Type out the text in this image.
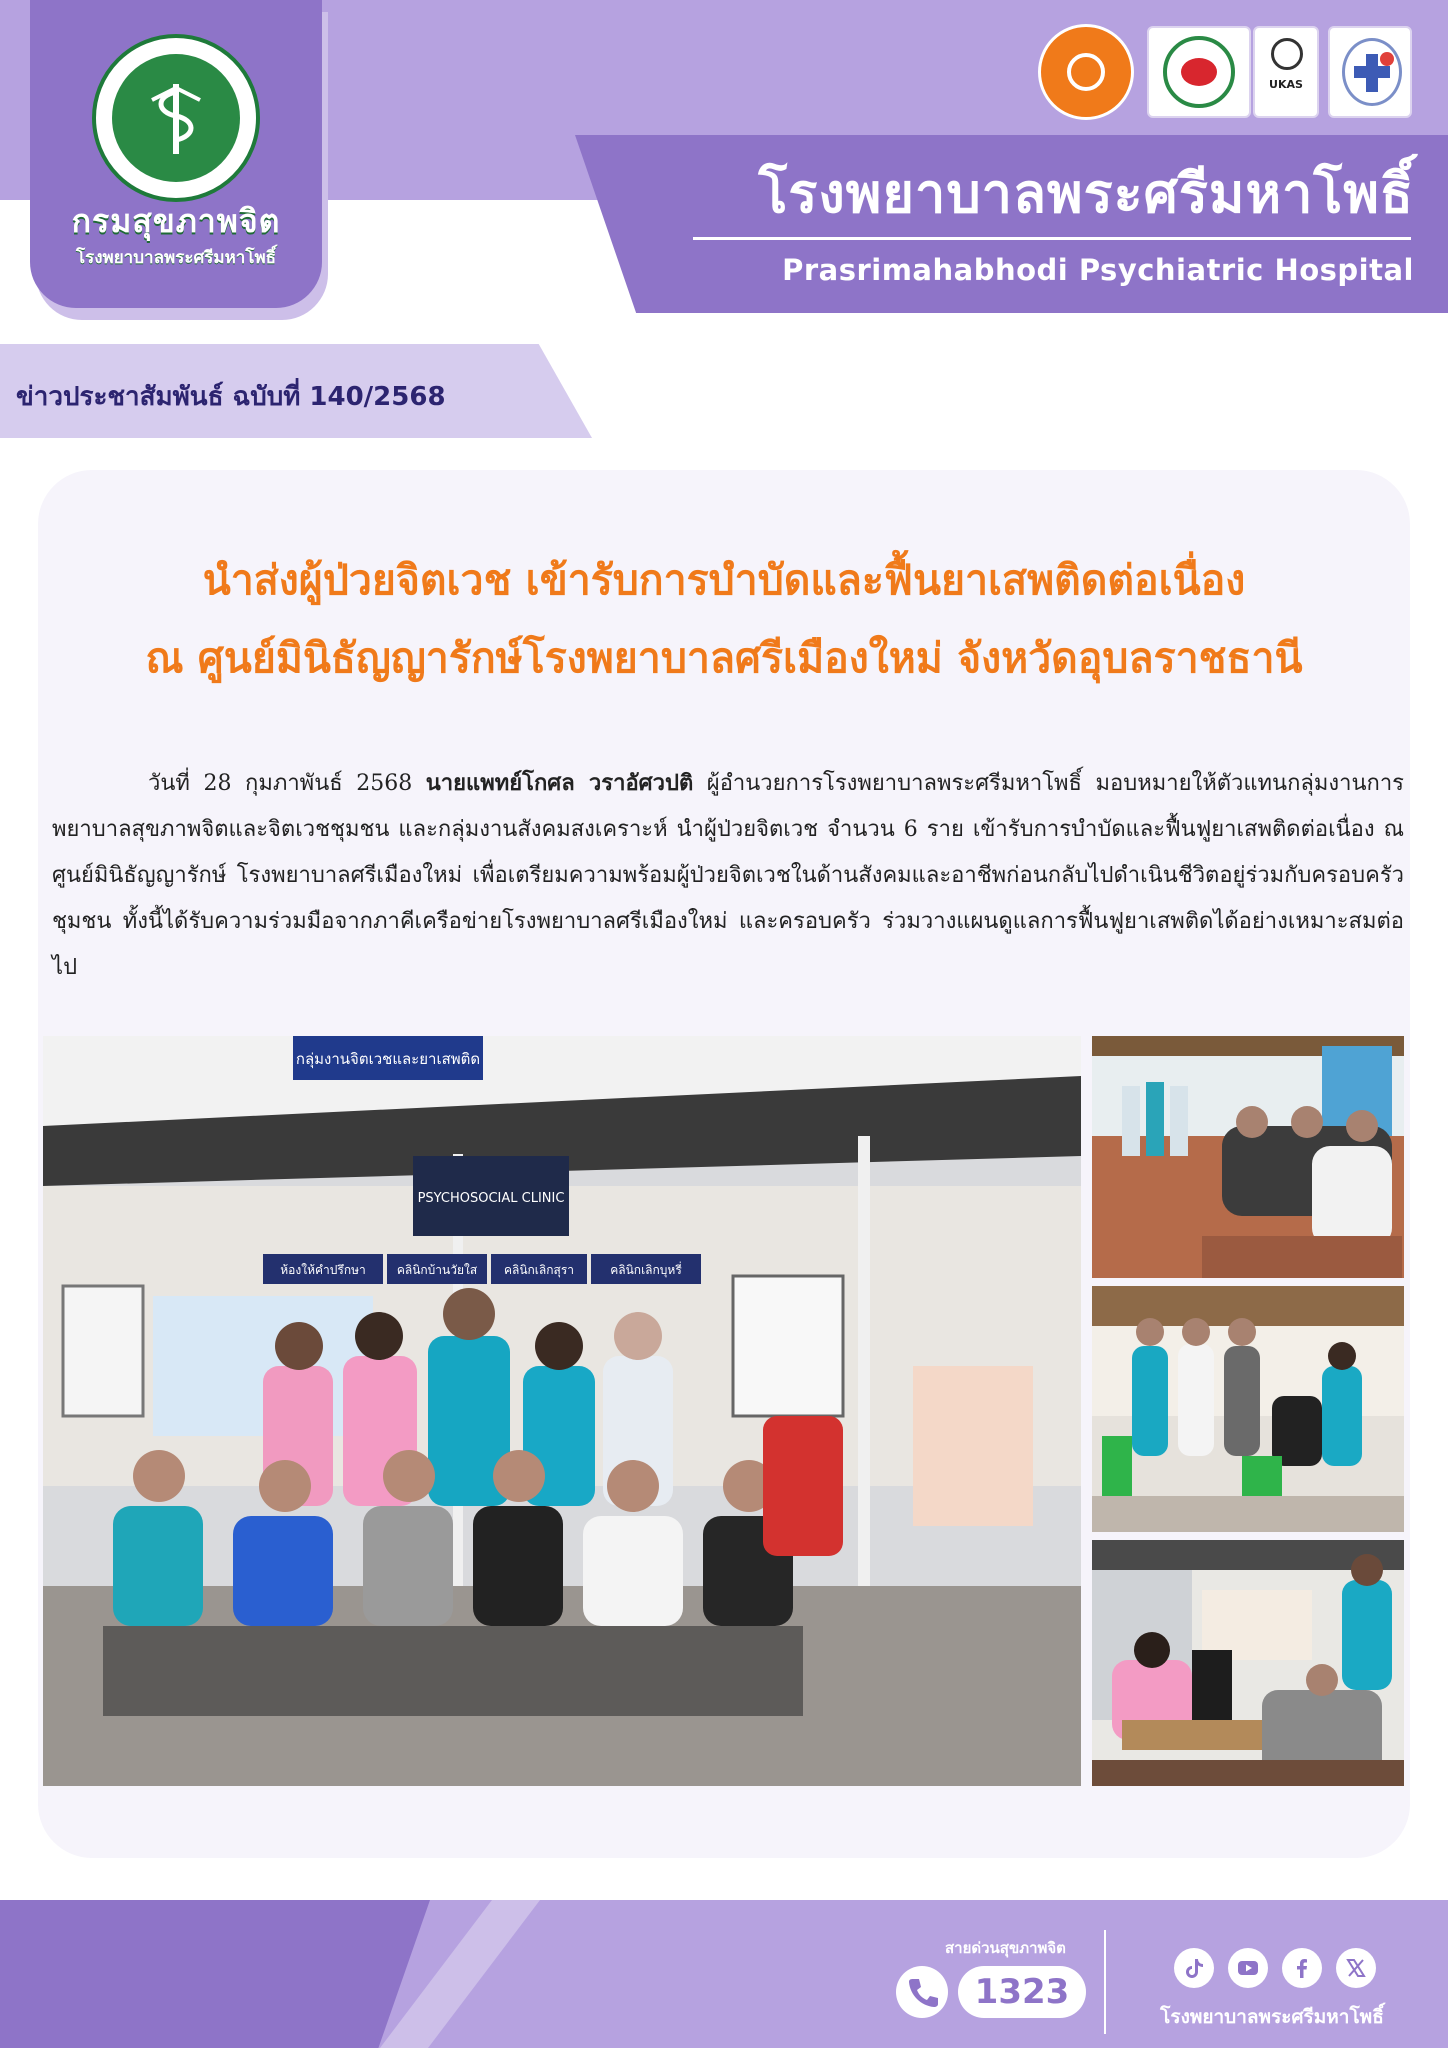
โรงพยาบาลพระศรีมหาโพธิ์
Prasrimahabhodi Psychiatric Hospital
กรมสุขภาพจิต
โรงพยาบาลพระศรีมหาโพธิ์
UKAS
ข่าวประชาสัมพันธ์ ฉบับที่ 140/2568
นำส่งผู้ป่วยจิตเวช เข้ารับการบำบัดและฟื้นยาเสพติดต่อเนื่อง
ณ ศูนย์มินิธัญญารักษ์โรงพยาบาลศรีเมืองใหม่ จังหวัดอุบลราชธานี
วันที่ 28 กุมภาพันธ์ 2568 นายแพทย์โกศล วราอัศวปติ ผู้อำนวยการโรงพยาบาลพระศรีมหาโพธิ์ มอบหมายให้ตัวแทนกลุ่มงานการพยาบาลสุขภาพจิตและจิตเวชชุมชน และกลุ่มงานสังคมสงเคราะห์ นำผู้ป่วยจิตเวช จำนวน 6 ราย เข้ารับการบำบัดและฟื้นฟูยาเสพติดต่อเนื่อง ณ ศูนย์มินิธัญญารักษ์ โรงพยาบาลศรีเมืองใหม่ เพื่อเตรียมความพร้อมผู้ป่วยจิตเวชในด้านสังคมและอาชีพก่อนกลับไปดำเนินชีวิตอยู่ร่วมกับครอบครัว ชุมชน ทั้งนี้ได้รับความร่วมมือจากภาคีเครือข่ายโรงพยาบาลศรีเมืองใหม่ และครอบครัว ร่วมวางแผนดูแลการฟื้นฟูยาเสพติดได้อย่างเหมาะสมต่อไป
กลุ่มงานจิตเวชและยาเสพติด
PSYCHOSOCIAL CLINIC
ห้องให้คำปรึกษา	คลินิกบ้านวัยใส คลินิกเลิกสุรา	คลินิกเลิกบุหรี่
สายด่วนสุขภาพจิต
1323
โรงพยาบาลพระศรีมหาโพธิ์
